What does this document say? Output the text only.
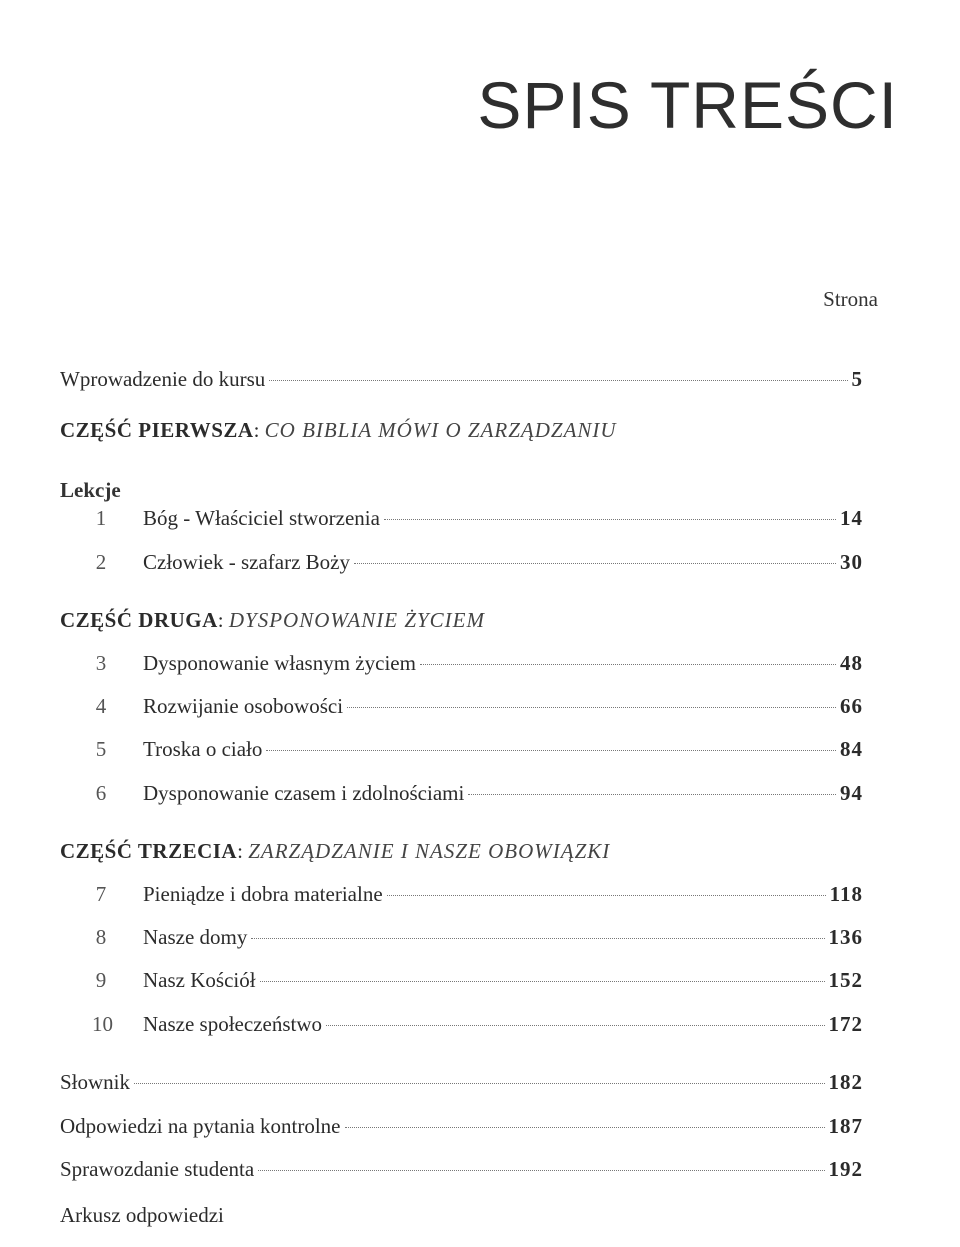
SPIS TREŚCI
Strona
Wprowadzenie do kursu	5
CZĘŚĆ PIERWSZA: CO BIBLIA MÓWI O ZARZĄDZANIU
Lekcje
1 Bóg - Właściciel stworzenia	14
2 Człowiek - szafarz Boży	30
CZĘŚĆ DRUGA: DYSPONOWANIE ŻYCIEM
3 Dysponowanie własnym życiem	48
4 Rozwijanie osobowości	66
5 Troska o ciało	84
6 Dysponowanie czasem i zdolnościami	94
CZĘŚĆ TRZECIA: ZARZĄDZANIE I NASZE OBOWIĄZKI
7 Pieniądze i dobra materialne	118
8 Nasze domy	136
9 Nasz Kościół	152
10 Nasze społeczeństwo	172
Słownik	182
Odpowiedzi na pytania kontrolne	187
Sprawozdanie studenta	192
Arkusz odpowiedzi
